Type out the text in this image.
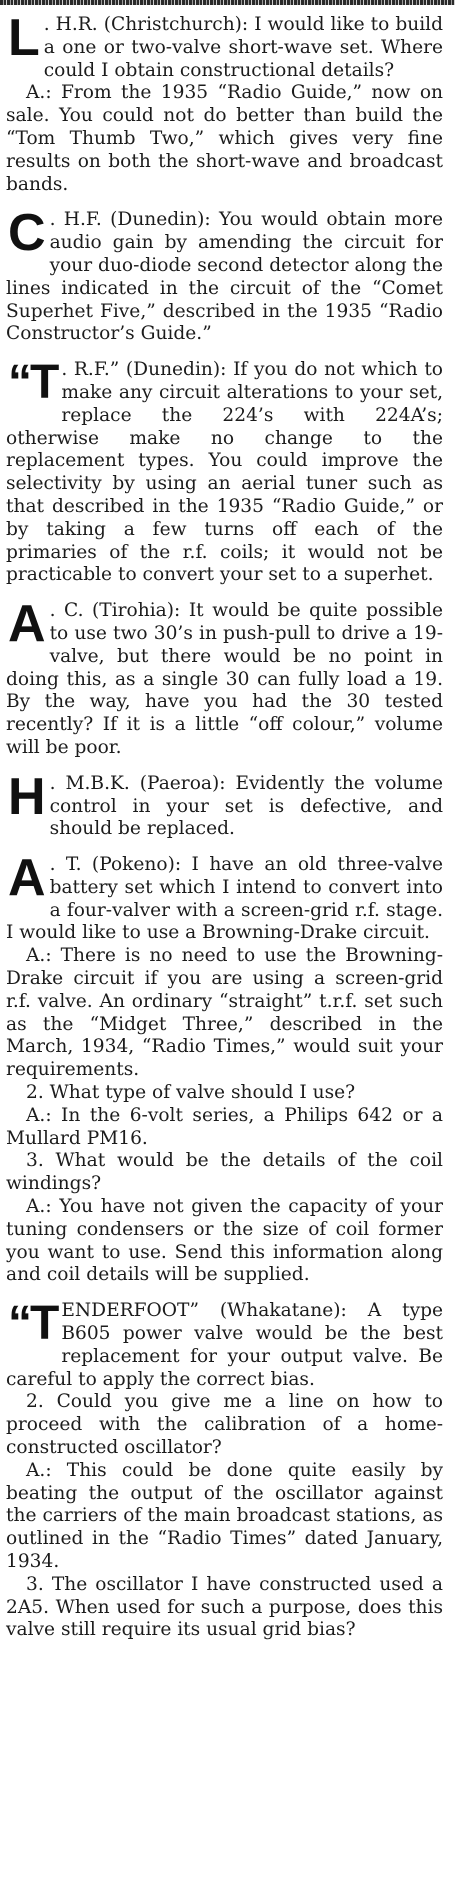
L . H.R. (Christchurch): I would like to build a one or two-valve short-wave set. Where could I obtain constructional details?

A.: From the 1935 “Radio Guide,” now on sale. You could not do better than build the “Tom Thumb Two,” which gives very fine results on both the short-wave and broadcast bands.

C . H.F. (Dunedin): You would obtain more audio gain by amending the circuit for your duo-diode second detector along the lines indicated in the circuit of the “Comet Superhet Five,” described in the 1935 “Radio Constructor’s Guide.”

“T . R.F.” (Dunedin): If you do not which to make any circuit alterations to your set, replace the 224’s with 224A’s; otherwise make no change to the replacement types. You could improve the selectivity by using an aerial tuner such as that described in the 1935 “Radio Guide,” or by taking a few turns off each of the primaries of the r.f. coils; it would not be practicable to convert your set to a superhet.

A . C. (Tirohia): It would be quite possible to use two 30’s in push-pull to drive a 19-valve, but there would be no point in doing this, as a single 30 can fully load a 19. By the way, have you had the 30 tested recently? If it is a little “off colour,” volume will be poor.

H . M.B.K. (Paeroa): Evidently the volume control in your set is defective, and should be replaced.

A . T. (Pokeno): I have an old three-valve battery set which I intend to convert into a four-valver with a screen-grid r.f. stage. I would like to use a Browning-Drake circuit.

A.: There is no need to use the Browning-Drake circuit if you are using a screen-grid r.f. valve. An ordinary “straight” t.r.f. set such as the “Midget Three,” described in the March, 1934, “Radio Times,” would suit your requirements.

2. What type of valve should I use?

A.: In the 6-volt series, a Philips 642 or a Mullard PM16.

3. What would be the details of the coil windings?

A.: You have not given the capacity of your tuning condensers or the size of coil former you want to use. Send this information along and coil details will be supplied.

“T ENDERFOOT” (Whakatane): A type B605 power valve would be the best replacement for your output valve. Be careful to apply the correct bias.

2. Could you give me a line on how to proceed with the calibration of a home-constructed oscillator?

A.: This could be done quite easily by beating the output of the oscillator against the carriers of the main broadcast stations, as outlined in the “Radio Times” dated January, 1934.

3. The oscillator I have constructed used a 2A5. When used for such a purpose, does this valve still require its usual grid bias?
